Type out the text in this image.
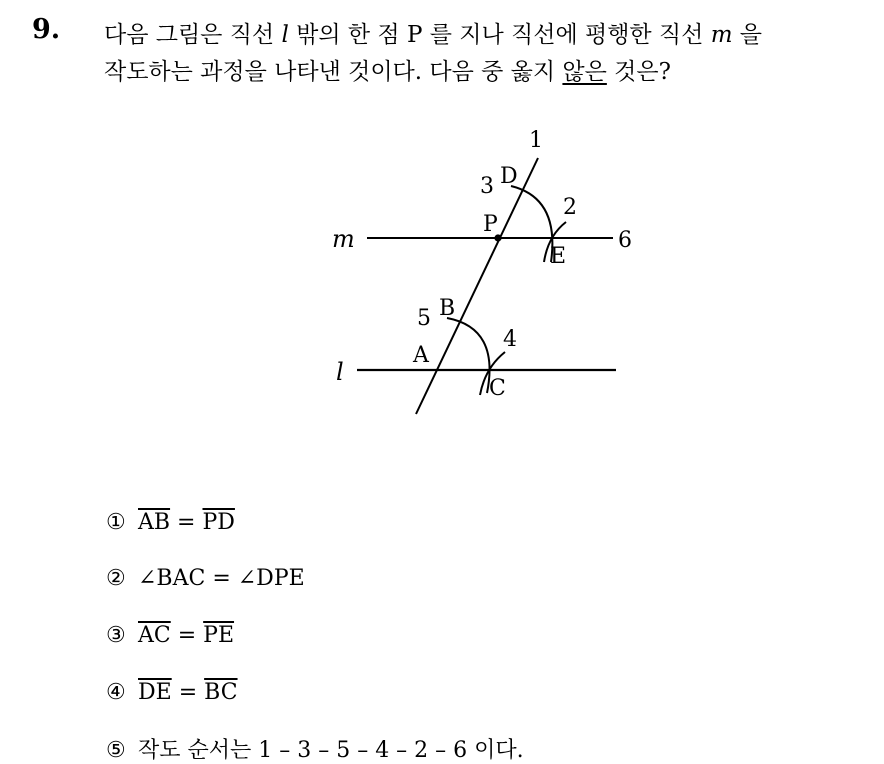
9. 다음 그림은 직선 l 밖의 한 점 P 를 지나 직선에 평행한 직선 m 을
작도하는 과정을 나타낸 것이다. 다음 중 옳지 않은 것은?
1
2
3
4
5
6
D
P
E
B
A
C
m
l
① $\overline{AB} = \overline{PD}$
② ∠BAC = ∠DPE
③ $\overline{AC} = \overline{PE}$
④ $\overline{DE} = \overline{BC}$
⑤ 작도 순서는 1 – 3 – 5 – 4 – 2 – 6 이다.
